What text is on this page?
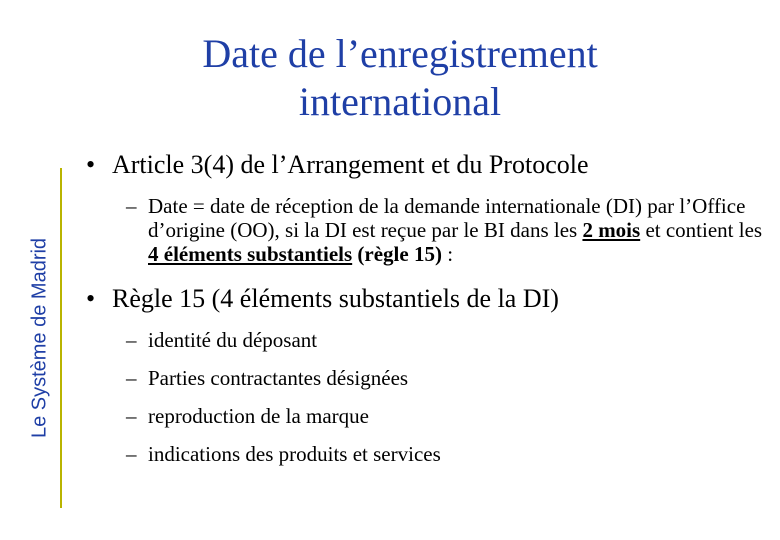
Date de l’enregistrement international
Le Système de Madrid
• Article 3(4) de l’Arrangement et du Protocole
– Date = date de réception de la demande internationale (DI) par l’Office d’origine (OO), si la DI est reçue par le BI dans les 2 mois et contient les 4 éléments substantiels (règle 15) :
• Règle 15 (4 éléments substantiels de la DI)
– identité du déposant
– Parties contractantes désignées
– reproduction de la marque
– indications des produits et services
